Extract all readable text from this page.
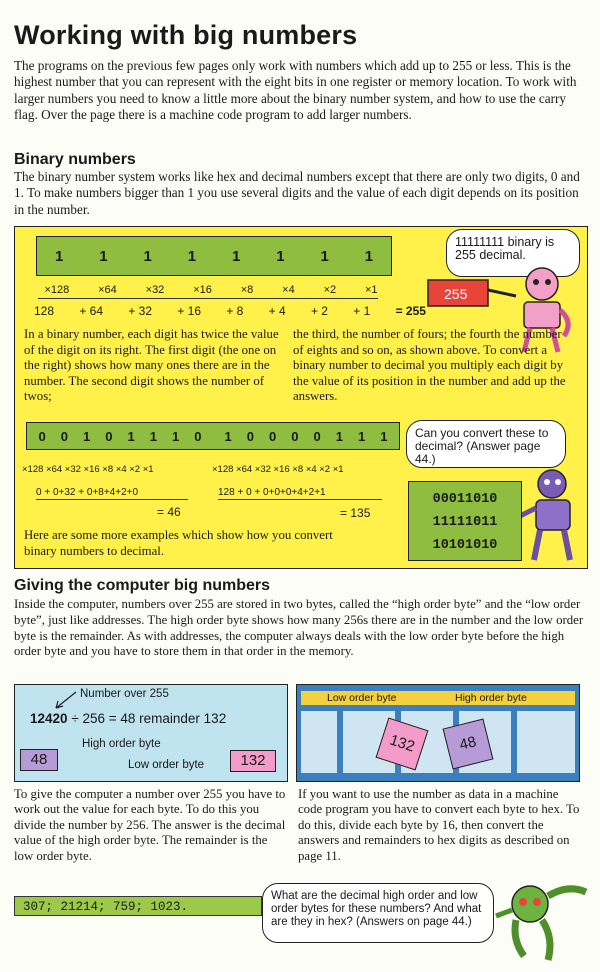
Working with big numbers

The programs on the previous few pages only work with numbers which add up to 255 or less. This is the highest number that you can represent with the eight bits in one register or memory location. To work with larger numbers you need to know a little more about the binary number system, and how to use the carry flag. Over the page there is a machine code program to add larger numbers.

Binary numbers

The binary number system works like hex and decimal numbers except that there are only two digits, 0 and 1. To make numbers bigger than 1 you use several digits and the value of each digit depends on its position in the number.

1 1 1 1 1 1 1 1
×128	×64	×32	×16	×8	×4	×2	×1
128 + 64 + 32 + 16 + 8 + 4 + 2 + 1 = 255
11111111 binary is 255 decimal.
255

In a binary number, each digit has twice the value of the digit on its right. The first digit (the one on the right) shows how many ones there are in the number. The second digit shows the number of twos;

the third, the number of fours; the fourth the number of eights and so on, as shown above. To convert a binary number to decimal you multiply each digit by the value of its position in the number and add up the answers.

0 0 1 0 1 1 1 0 1 0 0 0 0 1 1 1
×128 ×64 ×32 ×16 ×8 ×4 ×2 ×1	×128 ×64 ×32 ×16 ×8 ×4 ×2 ×1
0 + 0+32 + 0+8+4+2+0	128 + 0 + 0+0+0+4+2+1
= 46	= 135

Here are some more examples which show how you convert binary numbers to decimal.

Can you convert these to decimal? (Answer page 44.)
00011010
11111011
10101010
Giving the computer big numbers

Inside the computer, numbers over 255 are stored in two bytes, called the “high order byte” and the “low order byte”, just like addresses. The high order byte shows how many 256s there are in the number and the low order byte is the remainder. As with addresses, the computer always deals with the low order byte before the high order byte and you have to store them in that order in the memory.

Number over 255
12420 ÷ 256 = 48 remainder 132
High order byte
Low order byte
48	132
Low order byte	High order byte
132	48

To give the computer a number over 255 you have to work out the value for each byte. To do this you divide the number by 256. The answer is the decimal value of the high order byte. The remainder is the low order byte.

If you want to use the number as data in a machine code program you have to convert each byte to hex. To do this, divide each byte by 16, then convert the answers and remainders to hex digits as described on page 11.

307; 21214; 759; 1023.
What are the decimal high order and low order bytes for these numbers? And what are they in hex? (Answers on page 44.)
